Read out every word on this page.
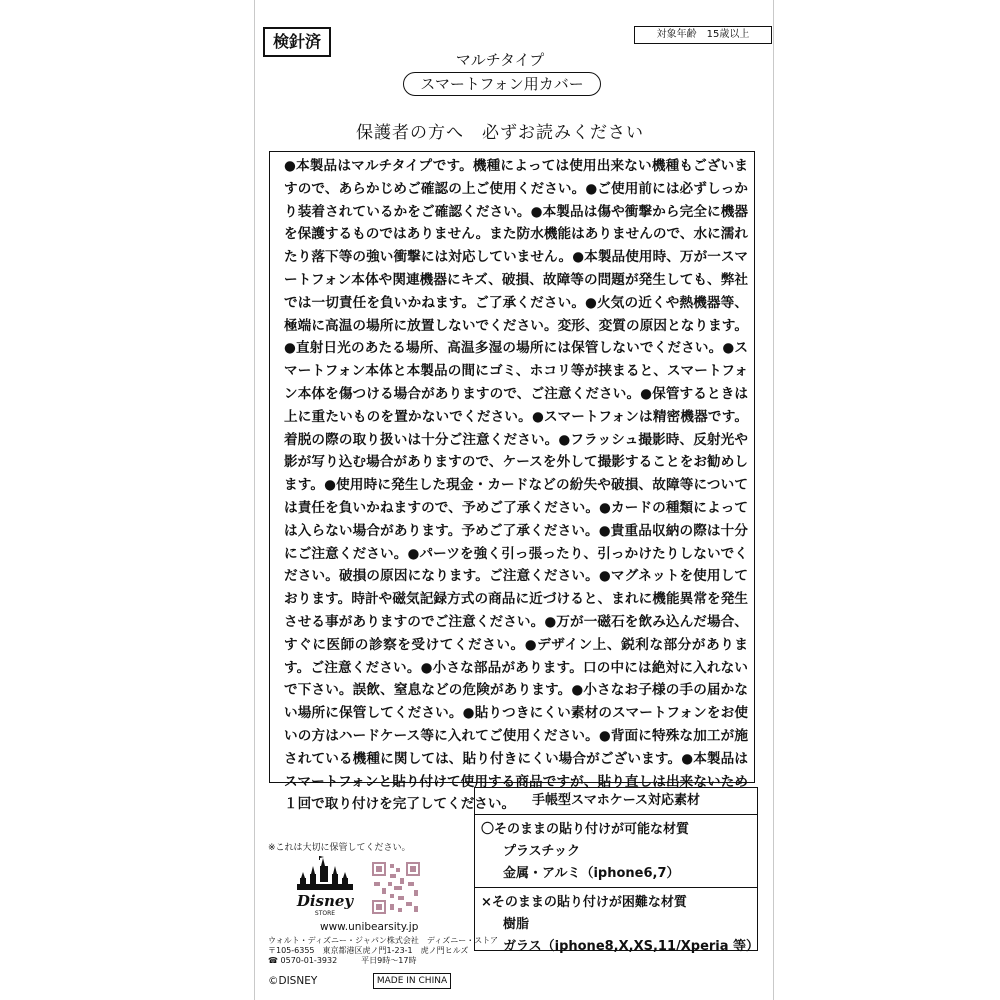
検針済	対象年齢　15歳以上
マルチタイプ
スマートフォン用カバー
保護者の方へ　必ずお読みください
●本製品はマルチタイプです。機種によっては使用出来ない機種もございますので、あらかじめご確認の上ご使用ください。●ご使用前には必ずしっかり装着されているかをご確認ください。●本製品は傷や衝撃から完全に機器を保護するものではありません。また防水機能はありませんので、水に濡れたり落下等の強い衝撃には対応していません。●本製品使用時、万が一スマートフォン本体や関連機器にキズ、破損、故障等の問題が発生しても、弊社では一切責任を負いかねます。ご了承ください。●火気の近くや熱機器等、極端に高温の場所に放置しないでください。変形、変質の原因となります。●直射日光のあたる場所、高温多湿の場所には保管しないでください。●スマートフォン本体と本製品の間にゴミ、ホコリ等が挟まると、スマートフォン本体を傷つける場合がありますので、ご注意ください。●保管するときは上に重たいものを置かないでください。●スマートフォンは精密機器です。着脱の際の取り扱いは十分ご注意ください。●フラッシュ撮影時、反射光や影が写り込む場合がありますので、ケースを外して撮影することをお勧めします。●使用時に発生した現金・カードなどの紛失や破損、故障等については責任を負いかねますので、予めご了承ください。●カードの種類によっては入らない場合があります。予めご了承ください。●貴重品収納の際は十分にご注意ください。●パーツを強く引っ張ったり、引っかけたりしないでください。破損の原因になります。ご注意ください。●マグネットを使用しております。時計や磁気記録方式の商品に近づけると、まれに機能異常を発生させる事がありますのでご注意ください。●万が一磁石を飲み込んだ場合、すぐに医師の診察を受けてください。●デザイン上、鋭利な部分があります。ご注意ください。●小さな部品があります。口の中には絶対に入れないで下さい。誤飲、窒息などの危険があります。●小さなお子様の手の届かない場所に保管してください。●貼りつきにくい素材のスマートフォンをお使いの方はハードケース等に入れてご使用ください。●背面に特殊な加工が施されている機種に関しては、貼り付きにくい場合がございます。●本製品はスマートフォンと貼り付けて使用する商品ですが、貼り直しは出来ないため１回で取り付けを完了してください。	手帳型スマホケース対応素材
〇そのままの貼り付けが可能な材質
プラスチック
金属・アルミ（iphone6,7）
×そのままの貼り付けが困難な材質
樹脂
ガラス（iphone8,X,XS,11/Xperia 等）
※これは大切に保管してください。
Disney
STORE
www.unibearsity.jp
ウォルト・ディズニー・ジャパン株式会社　ディズニー・ストア
〒105-6355　東京都港区虎ノ門1-23-1　虎ノ門ヒルズ
☎ 0570-01-3932　　　平日9時～17時
©DISNEY	MADE IN CHINA
